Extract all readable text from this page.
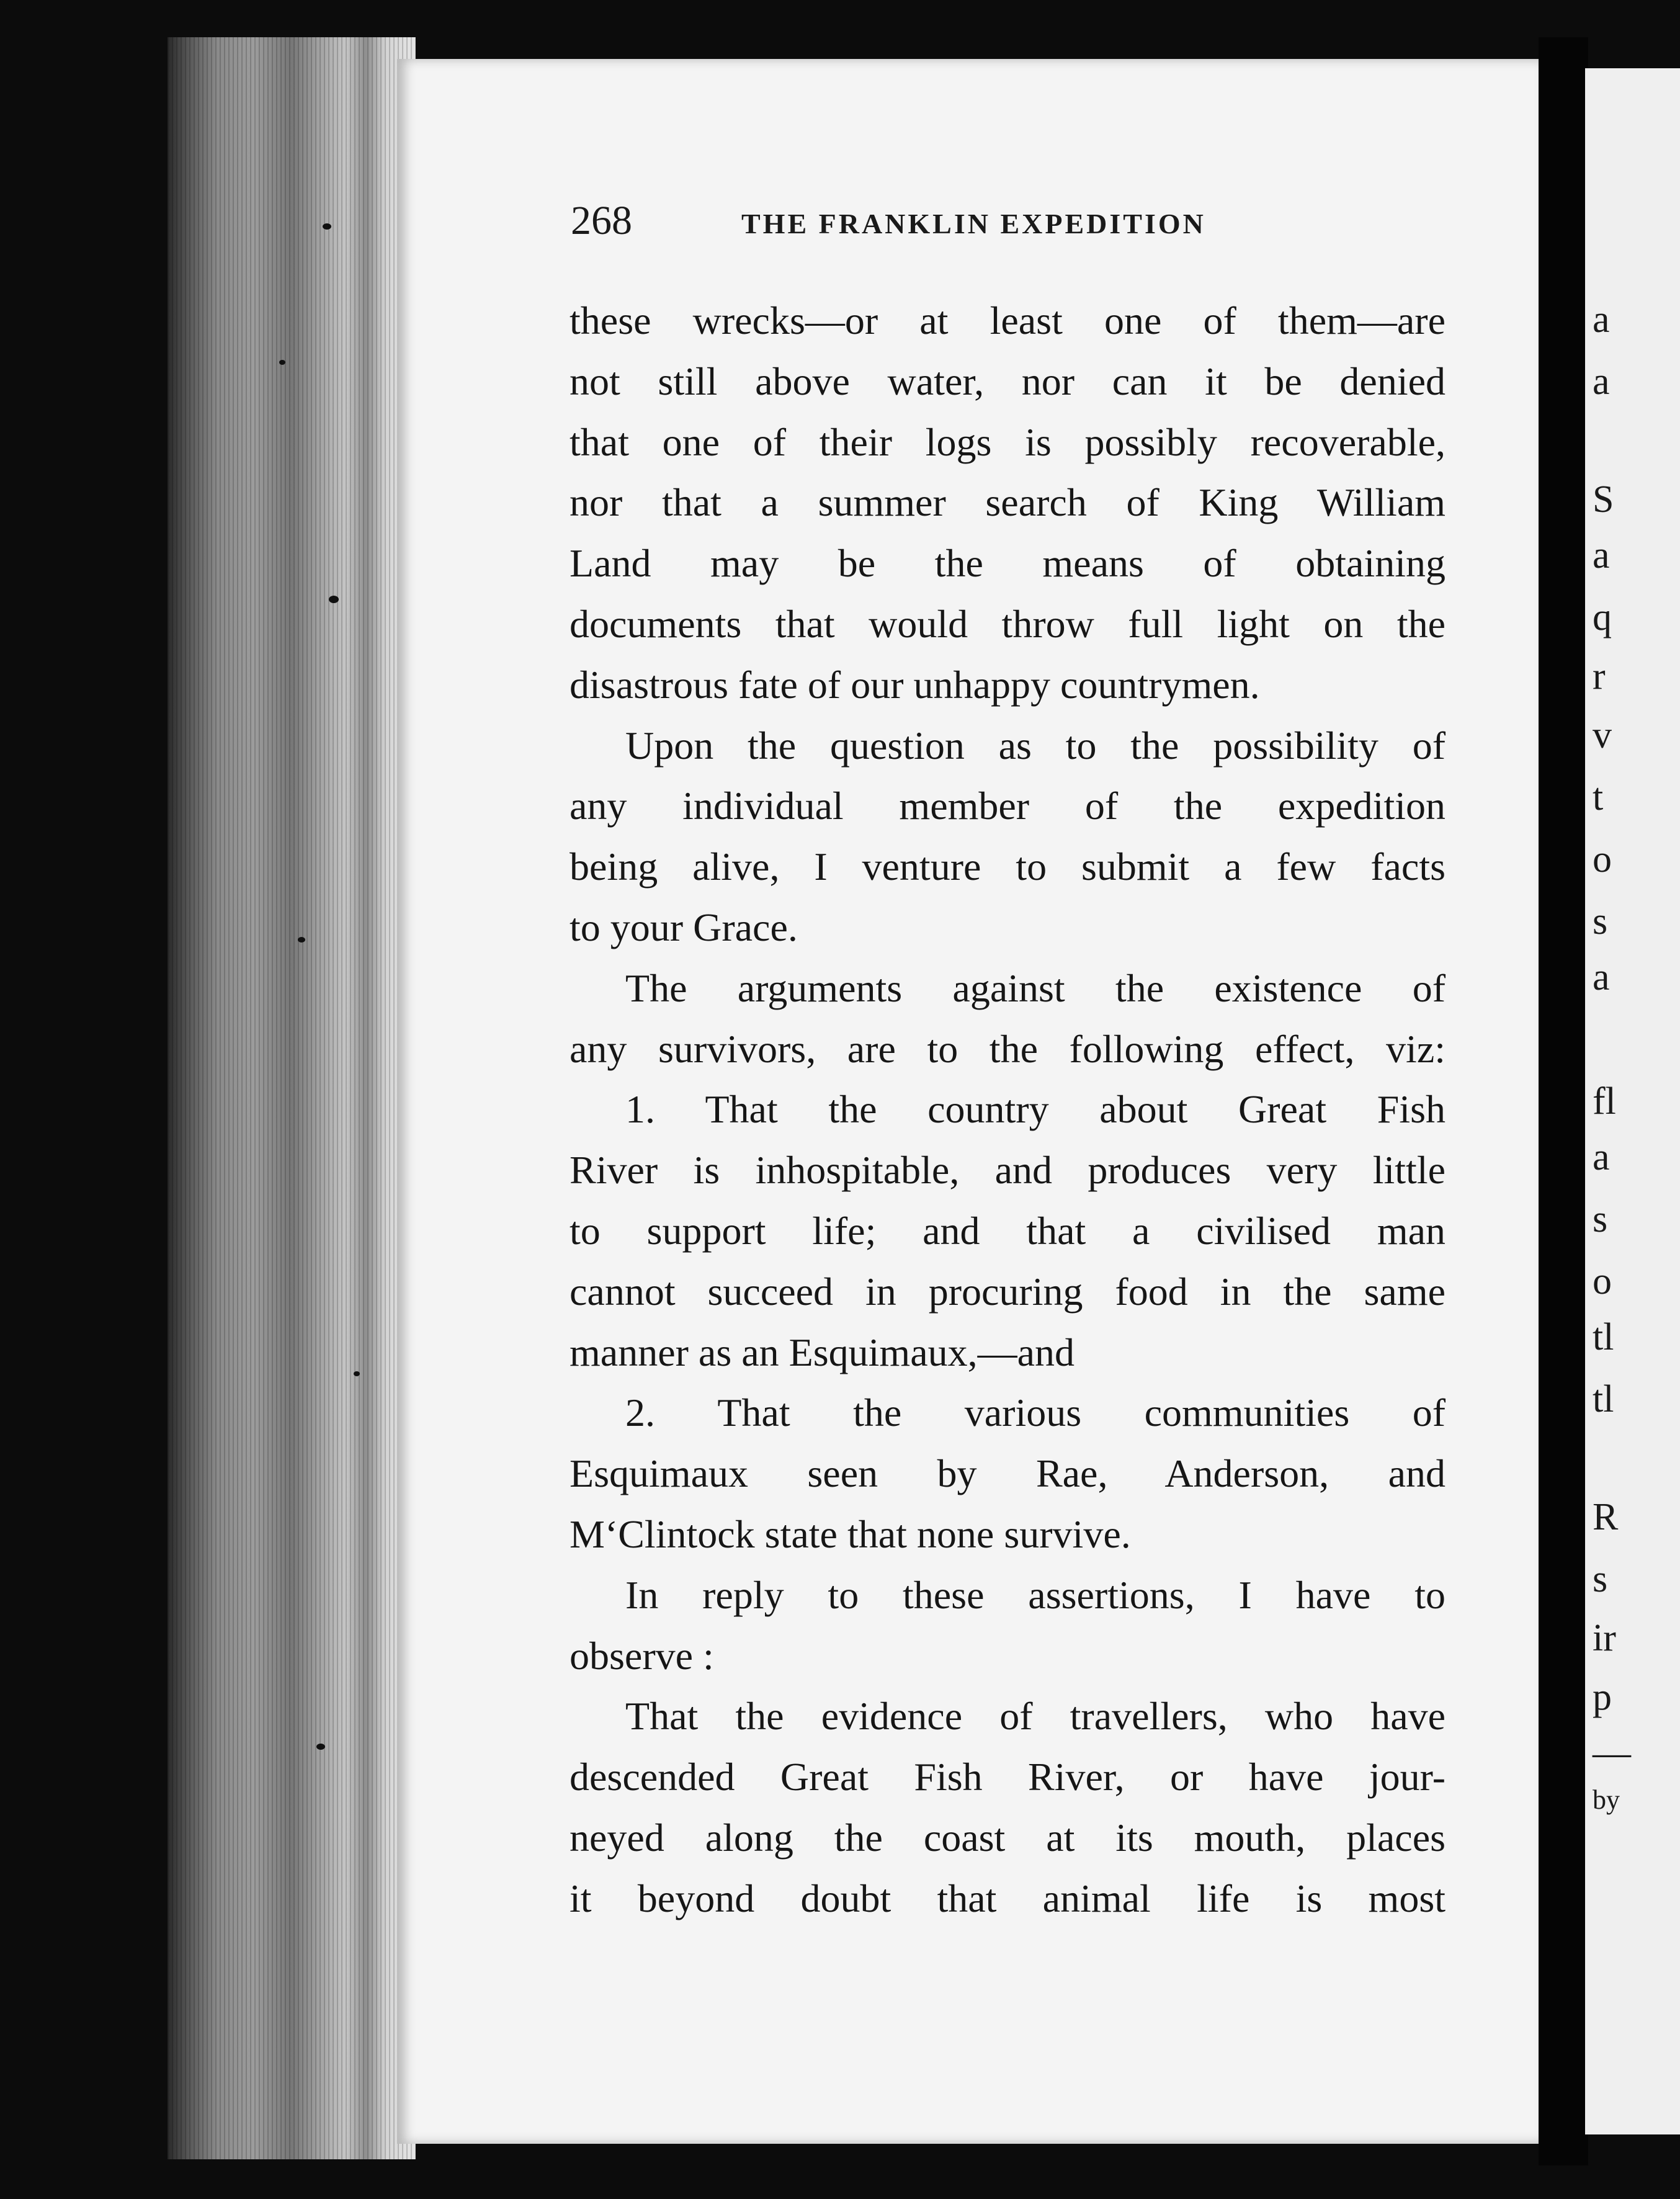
a
a
S
a
q
r
v
t
o
s
a
fl
a
s
o
tl
tl
R
s
ir
p
—
by
268	THE FRANKLIN EXPEDITION
these wrecks—or at least one of them—are
not still above water, nor can it be denied
that one of their logs is possibly recoverable,
nor that a summer search of King William
Land may be the means of obtaining
documents that would throw full light on the
disastrous fate of our unhappy countrymen.
Upon the question as to the possibility of
any individual member of the expedition
being alive, I venture to submit a few facts
to your Grace.
The arguments against the existence of
any survivors, are to the following effect, viz:
1. That the country about Great Fish
River is inhospitable, and produces very little
to support life; and that a civilised man
cannot succeed in procuring food in the same
manner as an Esquimaux,—and
2. That the various communities of
Esquimaux seen by Rae, Anderson, and
M‘Clintock state that none survive.
In reply to these assertions, I have to
observe :
That the evidence of travellers, who have
descended Great Fish River, or have jour-
neyed along the coast at its mouth, places
it beyond doubt that animal life is most
